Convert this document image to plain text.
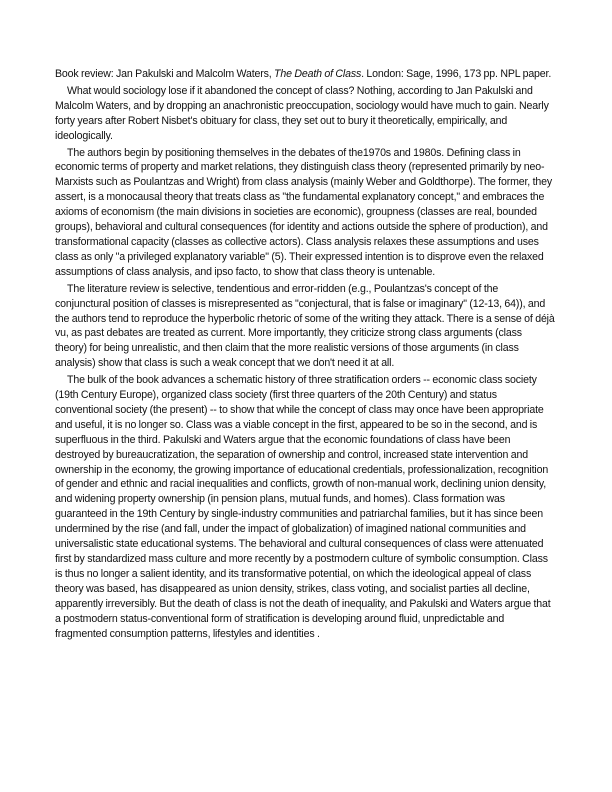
Book review: Jan Pakulski and Malcolm Waters, The Death of Class. London: Sage, 1996, 173 pp. NPL paper.

What would sociology lose if it abandoned the concept of class? Nothing, according to Jan Pakulski and Malcolm Waters, and by dropping an anachronistic preoccupation, sociology would have much to gain. Nearly forty years after Robert Nisbet's obituary for class, they set out to bury it theoretically, empirically, and ideologically.

The authors begin by positioning themselves in the debates of the1970s and 1980s. Defining class in economic terms of property and market relations, they distinguish class theory (represented primarily by neo-Marxists such as Poulantzas and Wright) from class analysis (mainly Weber and Goldthorpe). The former, they assert, is a monocausal theory that treats class as "the fundamental explanatory concept," and embraces the axioms of economism (the main divisions in societies are economic), groupness (classes are real, bounded groups), behavioral and cultural consequences (for identity and actions outside the sphere of production), and transformational capacity (classes as collective actors). Class analysis relaxes these assumptions and uses class as only "a privileged explanatory variable" (5). Their expressed intention is to disprove even the relaxed assumptions of class analysis, and ipso facto, to show that class theory is untenable.

The literature review is selective, tendentious and error-ridden (e.g., Poulantzas's concept of the conjunctural position of classes is misrepresented as "conjectural, that is false or imaginary" (12-13, 64)), and the authors tend to reproduce the hyperbolic rhetoric of some of the writing they attack. There is a sense of déjà vu, as past debates are treated as current. More importantly, they criticize strong class arguments (class theory) for being unrealistic, and then claim that the more realistic versions of those arguments (in class analysis) show that class is such a weak concept that we don't need it at all.

The bulk of the book advances a schematic history of three stratification orders -- economic class society (19th Century Europe), organized class society (first three quarters of the 20th Century) and status conventional society (the present) -- to show that while the concept of class may once have been appropriate and useful, it is no longer so. Class was a viable concept in the first, appeared to be so in the second, and is superfluous in the third. Pakulski and Waters argue that the economic foundations of class have been destroyed by bureaucratization, the separation of ownership and control, increased state intervention and ownership in the economy, the growing importance of educational credentials, professionalization, recognition of gender and ethnic and racial inequalities and conflicts, growth of non-manual work, declining union density, and widening property ownership (in pension plans, mutual funds, and homes). Class formation was guaranteed in the 19th Century by single-industry communities and patriarchal families, but it has since been undermined by the rise (and fall, under the impact of globalization) of imagined national communities and universalistic state educational systems. The behavioral and cultural consequences of class were attenuated first by standardized mass culture and more recently by a postmodern culture of symbolic consumption. Class is thus no longer a salient identity, and its transformative potential, on which the ideological appeal of class theory was based, has disappeared as union density, strikes, class voting, and socialist parties all decline, apparently irreversibly. But the death of class is not the death of inequality, and Pakulski and Waters argue that a postmodern status-conventional form of stratification is developing around fluid, unpredictable and fragmented consumption patterns, lifestyles and identities .
